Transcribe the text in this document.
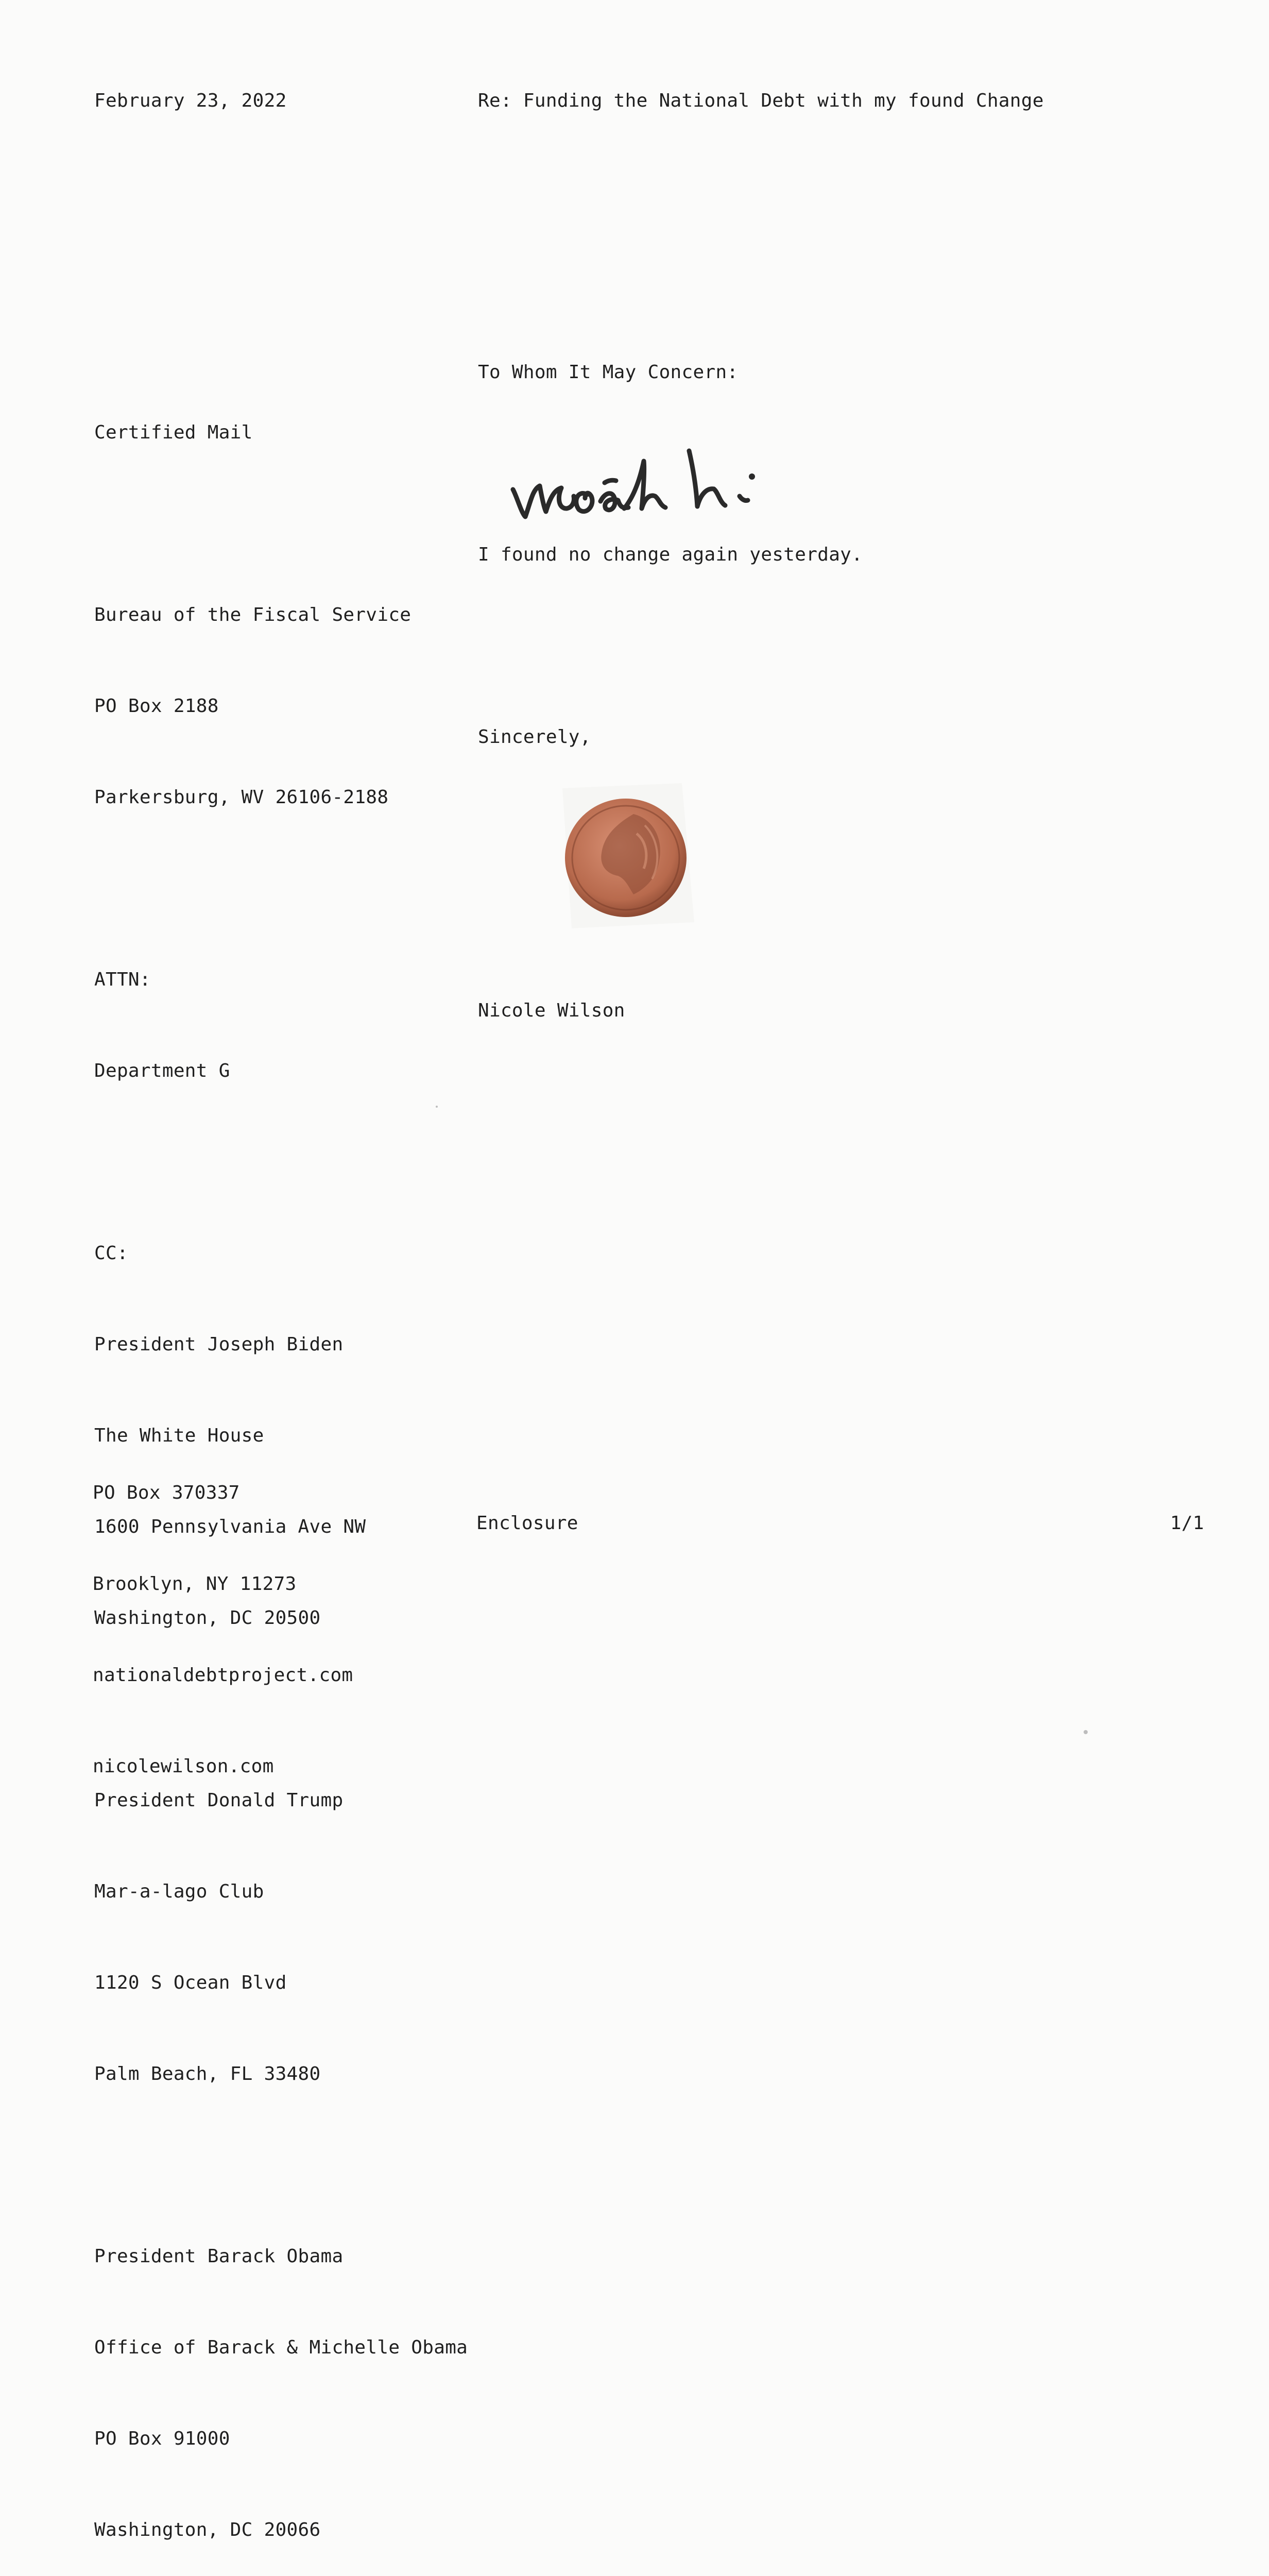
February 23, 2022	Re: Funding the National Debt with my found Change

Certified Mail

Bureau of the Fiscal Service

PO Box 2188

Parkersburg, WV 26106-2188

ATTN:

Department G

CC:

President Joseph Biden

The White House

1600 Pennsylvania Ave NW

Washington, DC 20500

President Donald Trump

Mar-a-lago Club

1120 S Ocean Blvd

Palm Beach, FL 33480

President Barack Obama

Office of Barack & Michelle Obama

PO Box 91000

Washington, DC 20066

To Whom It May Concern:

I found no change again yesterday.

Sincerely,

Nicole Wilson

PO Box 370337

Brooklyn, NY 11273

nationaldebtproject.com

nicolewilson.com

Enclosure	1/1
